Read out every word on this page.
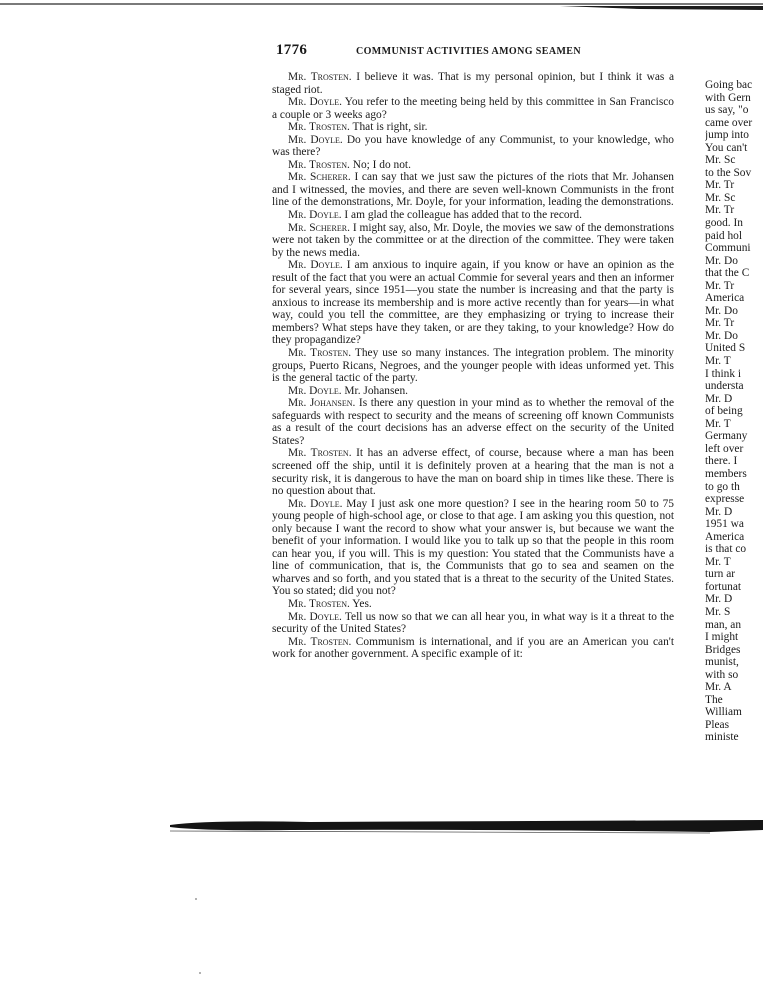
1776	COMMUNIST ACTIVITIES AMONG SEAMEN

Mr. Trosten. I believe it was. That is my personal opinion, but I think it was a staged riot.

Mr. Doyle. You refer to the meeting being held by this committee in San Francisco a couple or 3 weeks ago?

Mr. Trosten. That is right, sir.

Mr. Doyle. Do you have knowledge of any Communist, to your knowledge, who was there?

Mr. Trosten. No; I do not.

Mr. Scherer. I can say that we just saw the pictures of the riots that Mr. Johansen and I witnessed, the movies, and there are seven well-known Communists in the front line of the demonstrations, Mr. Doyle, for your information, leading the demonstrations.

Mr. Doyle. I am glad the colleague has added that to the record.

Mr. Scherer. I might say, also, Mr. Doyle, the movies we saw of the demonstrations were not taken by the committee or at the direction of the committee. They were taken by the news media.

Mr. Doyle. I am anxious to inquire again, if you know or have an opinion as the result of the fact that you were an actual Commie for several years and then an informer for several years, since 1951—you state the number is increasing and that the party is anxious to increase its membership and is more active recently than for years—in what way, could you tell the committee, are they emphasizing or trying to increase their members? What steps have they taken, or are they taking, to your knowledge? How do they propagandize?

Mr. Trosten. They use so many instances. The integration problem. The minority groups, Puerto Ricans, Negroes, and the younger people with ideas unformed yet. This is the general tactic of the party.

Mr. Doyle. Mr. Johansen.

Mr. Johansen. Is there any question in your mind as to whether the removal of the safeguards with respect to security and the means of screening off known Communists as a result of the court decisions has an adverse effect on the security of the United States?

Mr. Trosten. It has an adverse effect, of course, because where a man has been screened off the ship, until it is definitely proven at a hearing that the man is not a security risk, it is dangerous to have the man on board ship in times like these. There is no question about that.

Mr. Doyle. May I just ask one more question? I see in the hearing room 50 to 75 young people of high-school age, or close to that age. I am asking you this question, not only because I want the record to show what your answer is, but because we want the benefit of your information. I would like you to talk up so that the people in this room can hear you, if you will. This is my question: You stated that the Communists have a line of communication, that is, the Communists that go to sea and seamen on the wharves and so forth, and you stated that is a threat to the security of the United States. You so stated; did you not?

Mr. Trosten. Yes.

Mr. Doyle. Tell us now so that we can all hear you, in what way is it a threat to the security of the United States?

Mr. Trosten. Communism is international, and if you are an American you can't work for another government. A specific example of it:

Going bac
with Gern
us say, "o
came over
jump into
You can't
Mr. Sc
to the Sov
Mr. Tr
Mr. Sc
Mr. Tr
good. In
paid hol
Communi
Mr. Do
that the C
Mr. Tr
America
Mr. Do
Mr. Tr
Mr. Do
United S
Mr. T
I think i
understa
Mr. D
of being
Mr. T
Germany
left over
there. I
members
to go th
expresse
Mr. D
1951 wa
America
is that co
Mr. T
turn ar
fortunat
Mr. D
Mr. S
man, an
I might
Bridges
munist,
with so
Mr. A
The
William
Pleas
ministe
